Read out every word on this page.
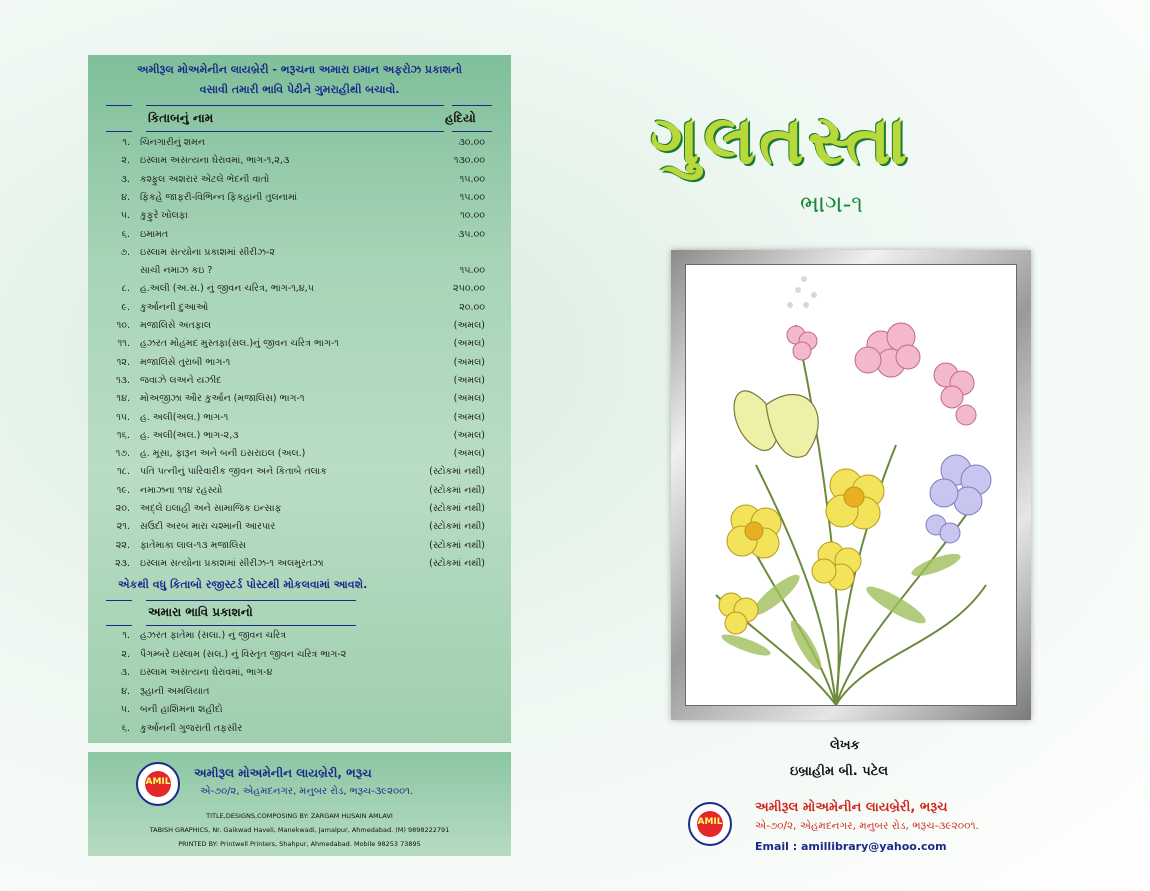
અમીરૂલ મોઅમેનીન લાયબ્રેરી - ભરૂચના અમારા ઇમાન અફરોઝ પ્રકાશનો
વસાવી તમારી ભાવિ પેઢીને ગુમરાહીથી બચાવો.
કિતાબનું નામ	હદિયો
૧. ચિનગારીનું શમન	૩૦.૦૦
૨. ઇસ્લામ અસત્યના ઘેરાવમાં, ભાગ-૧,૨,૩	૧૩૦.૦૦
૩. કશ્ફુલ અશરાર એટલે ભેદની વાતો	૧૫.૦૦
૪. ફિકહે જાફરી-વિભિન્ન ફિકહાની તુલનામાં	૧૫.૦૦
૫. કુફુરે ખોલફા	૧૦.૦૦
૬. ઇમામત	૩૫.૦૦
૭. ઇસ્લામ સત્યોના પ્રકાશમાં સીરીઝ-૨
સાચી નમાઝ કઇ ?	૧૫.૦૦
૮. હ.અલી (અ.સ.) નું જીવન ચરિત્ર, ભાગ-૧,૪,૫	૨૫૦.૦૦
૯. કુર્આનની દુઆઓ	૨૦.૦૦
૧૦. મજાલિસે અતફાલ	(અમલ)
૧૧. હઝરત મોહંમદ મુસ્તફા(સલ.)નું જીવન ચરિત્ર ભાગ-૧	(અમલ)
૧૨. મજાલિસે તુરાબી ભાગ-૧	(અમલ)
૧૩. જવાઝે લઅને યઝીદ	(અમલ)
૧૪. મોઅજીઝા ઔર કુર્આન (મજાલિસ) ભાગ-૧	(અમલ)
૧૫. હ. અલી(અલ.) ભાગ-૧	(અમલ)
૧૬. હ. અલી(અલ.) ભાગ-૨,૩	(અમલ)
૧૭. હ. મૂસા, ફારૂન અને બની ઇસરાઇલ (અલ.)	(અમલ)
૧૮. પતિ પત્નીનું પારિવારીક જીવન અને કિતાબે તલાક	(સ્ટોકમાં નથી)
૧૯. નમાઝના ૧૧૪ રહસ્યો	(સ્ટોકમાં નથી)
૨૦. અદ્લે ઇલાહી અને સામાજિક ઇન્સાફ	(સ્ટોકમાં નથી)
૨૧. સઉદી અરબ મારા ચશ્માની આરપાર	(સ્ટોકમાં નથી)
૨૨. ફાતેમાકા લાલ-૧૩ મજાલિસ	(સ્ટોકમાં નથી)
૨૩. ઇસ્લામ સત્યોના પ્રકાશમાં સીરીઝ-૧ અલમુરતઝા	(સ્ટોકમાં નથી)
એકથી વધુ કિતાબો રજીસ્ટર્ડ પોસ્ટથી મોકલવામાં આવશે.
અમારા ભાવિ પ્રકાશનો
૧. હઝરત ફાતેમા (સલા.) નું જીવન ચરિત્ર
૨. પૈગમ્બરે ઇસ્લામ (સલ.) નું વિસ્તૃત જીવન ચરિત્ર ભાગ-૨
૩. ઇસ્લામ અસત્યના ઘેરાવમાં, ભાગ-૪
૪. રૂહાની અમલિયાત
૫. બની હાશિમના શહીદો
૬. કુર્આનની ગુજરાતી તફસીર
AMIL
અમીરૂલ મોઅમેનીન લાયબ્રેરી, ભરૂચ
એ-૭૦/૨, એહમદનગર, મનુબર રોડ, ભરૂચ-૩૯૨૦૦૧.
TITLE,DESIGNS,COMPOSING BY: ZARGAM HUSAIN AMLAVI
TABISH GRAPHICS, Nr. Gaikwad Haveli, Manekwadi, Jamalpur, Ahmedabad. (M) 9898222791
PRINTED BY: Printwell Printers, Shahpur, Ahmedabad. Mobile 98253 73895
ગુલતસ્તા
ભાગ-૧
લેખક
ઇબ્રાહીમ બી. પટેલ
AMIL
અમીરૂલ મોઅમેનીન લાયબ્રેરી, ભરૂચ
એ-૭૦/૨, એહમદનગર, મનુબર રોડ, ભરૂચ-૩૯૨૦૦૧.
Email : amillibrary@yahoo.com
